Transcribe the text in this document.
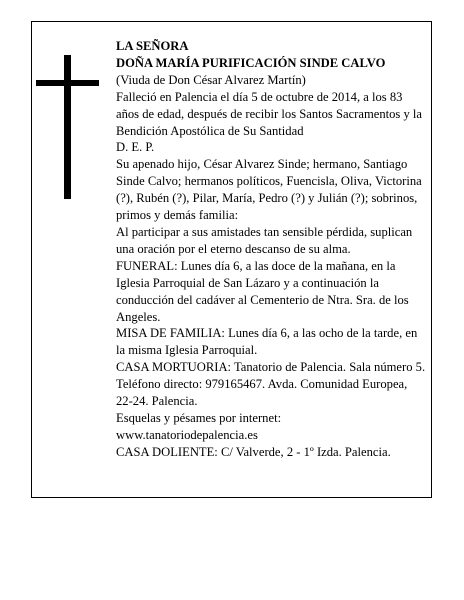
LA SEÑORA

DOÑA MARÍA PURIFICACIÓN SINDE CALVO

(Viuda de Don César Alvarez Martín)

Falleció en Palencia el día 5 de octubre de 2014, a los 83 años de edad, después de recibir los Santos Sacramentos y la Bendición Apostólica de Su Santidad

D. E. P.

Su apenado hijo, César Alvarez Sinde; hermano, Santiago Sinde Calvo; hermanos políticos, Fuencisla, Oliva, Victorina (?), Rubén (?), Pilar, María, Pedro (?) y Julián (?); sobrinos, primos y demás familia:

Al participar a sus amistades tan sensible pérdida, suplican una oración por el eterno descanso de su alma.

FUNERAL: Lunes día 6, a las doce de la mañana, en la Iglesia Parroquial de San Lázaro y a continuación la conducción del cadáver al Cementerio de Ntra. Sra. de los Angeles.

MISA DE FAMILIA: Lunes día 6, a las ocho de la tarde, en la misma Iglesia Parroquial.

CASA MORTUORIA: Tanatorio de Palencia. Sala número 5. Teléfono directo: 979165467. Avda. Comunidad Europea, 22-24. Palencia.

Esquelas y pésames por internet:

www.tanatoriodepalencia.es

CASA DOLIENTE: C/ Valverde, 2 - 1º Izda. Palencia.
